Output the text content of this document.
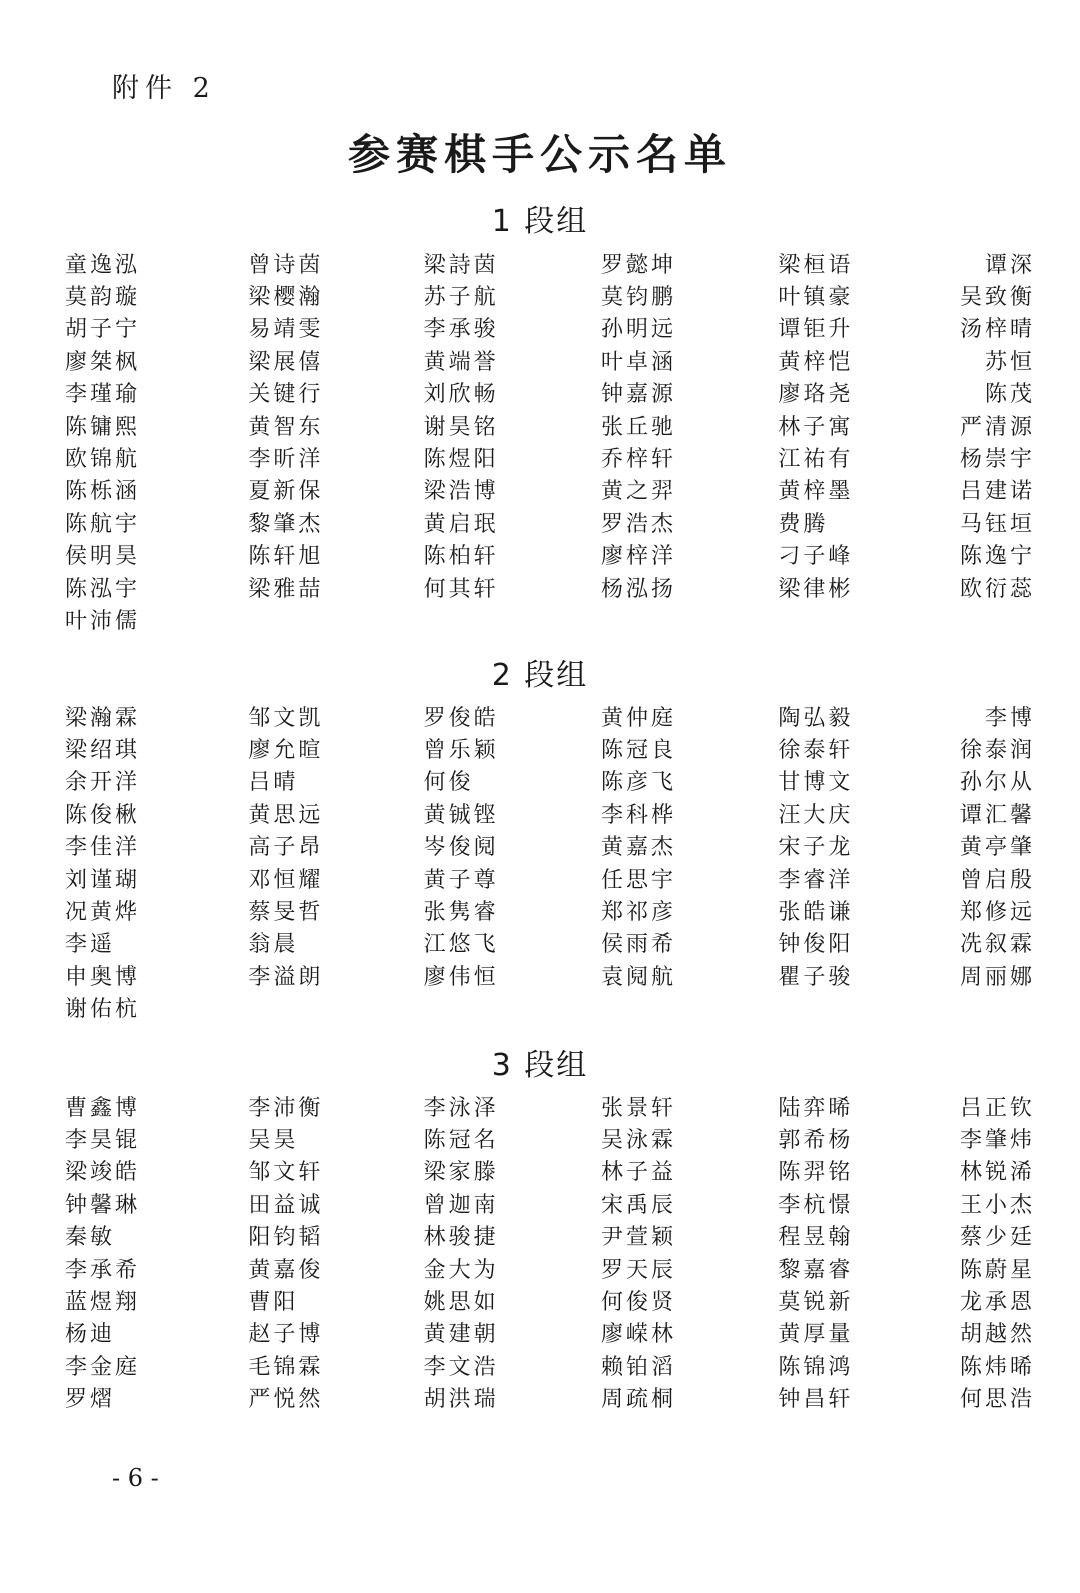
附件 2
参赛棋手公示名单
1 段组
童逸泓	曾诗茵	梁詩茵	罗懿坤	梁桓语	谭深
莫韵璇	梁樱瀚	苏子航	莫钧鹏	叶镇豪	吴致衡
胡子宁	易靖雯	李承骏	孙明远	谭钜升	汤梓晴
廖桀枫	梁展僖	黄端誉	叶卓涵	黄梓恺	苏恒
李瑾瑜	关键行	刘欣畅	钟嘉源	廖珞尧	陈茂
陈镛熙	黄智东	谢昊铭	张丘驰	林子寓	严清源
欧锦航	李昕洋	陈煜阳	乔梓轩	江祐有	杨崇宇
陈栎涵	夏新保	梁浩博	黄之羿	黄梓墨	吕建诺
陈航宇	黎肇杰	黄启珉	罗浩杰	费腾	马钰垣
侯明昊	陈轩旭	陈柏轩	廖梓洋	刁子峰	陈逸宁
陈泓宇	梁雅喆	何其轩	杨泓扬	梁律彬	欧衍蕊
叶沛儒
2 段组
梁瀚霖	邹文凯	罗俊皓	黄仲庭	陶弘毅	李博
梁绍琪	廖允暄	曾乐颖	陈冠良	徐泰轩	徐泰润
余开洋	吕晴	何俊	陈彦飞	甘博文	孙尔从
陈俊楸	黄思远	黄铖铿	李科桦	汪大庆	谭汇馨
李佳洋	高子昂	岑俊阋	黄嘉杰	宋子龙	黄亭肇
刘谨瑚	邓恒耀	黄子尊	任思宇	李睿洋	曾启殷
况黄烨	蔡旻哲	张隽睿	郑祁彦	张皓谦	郑修远
李遥	翁晨	江悠飞	侯雨希	钟俊阳	冼叙霖
申奥博	李溢朗	廖伟恒	袁阋航	瞿子骏	周丽娜
谢佑杭
3 段组
曹鑫博	李沛衡	李泳泽	张景轩	陆弈晞	吕正钦
李昊锟	吴昊	陈冠名	吴泳霖	郭希杨	李肇炜
梁竣皓	邹文轩	梁家滕	林子益	陈羿铭	林锐浠
钟馨琳	田益诚	曾迦南	宋禹辰	李杭憬	王小杰
秦敏	阳钧韬	林骏捷	尹萱颖	程昱翰	蔡少廷
李承希	黄嘉俊	金大为	罗天辰	黎嘉睿	陈蔚星
蓝煜翔	曹阳	姚思如	何俊贤	莫锐新	龙承恩
杨迪	赵子博	黄建朝	廖嵘林	黄厚量	胡越然
李金庭	毛锦霖	李文浩	赖铂滔	陈锦鸿	陈炜晞
罗熠	严悦然	胡洪瑞	周疏桐	钟昌轩	何思浩
- 6 -
